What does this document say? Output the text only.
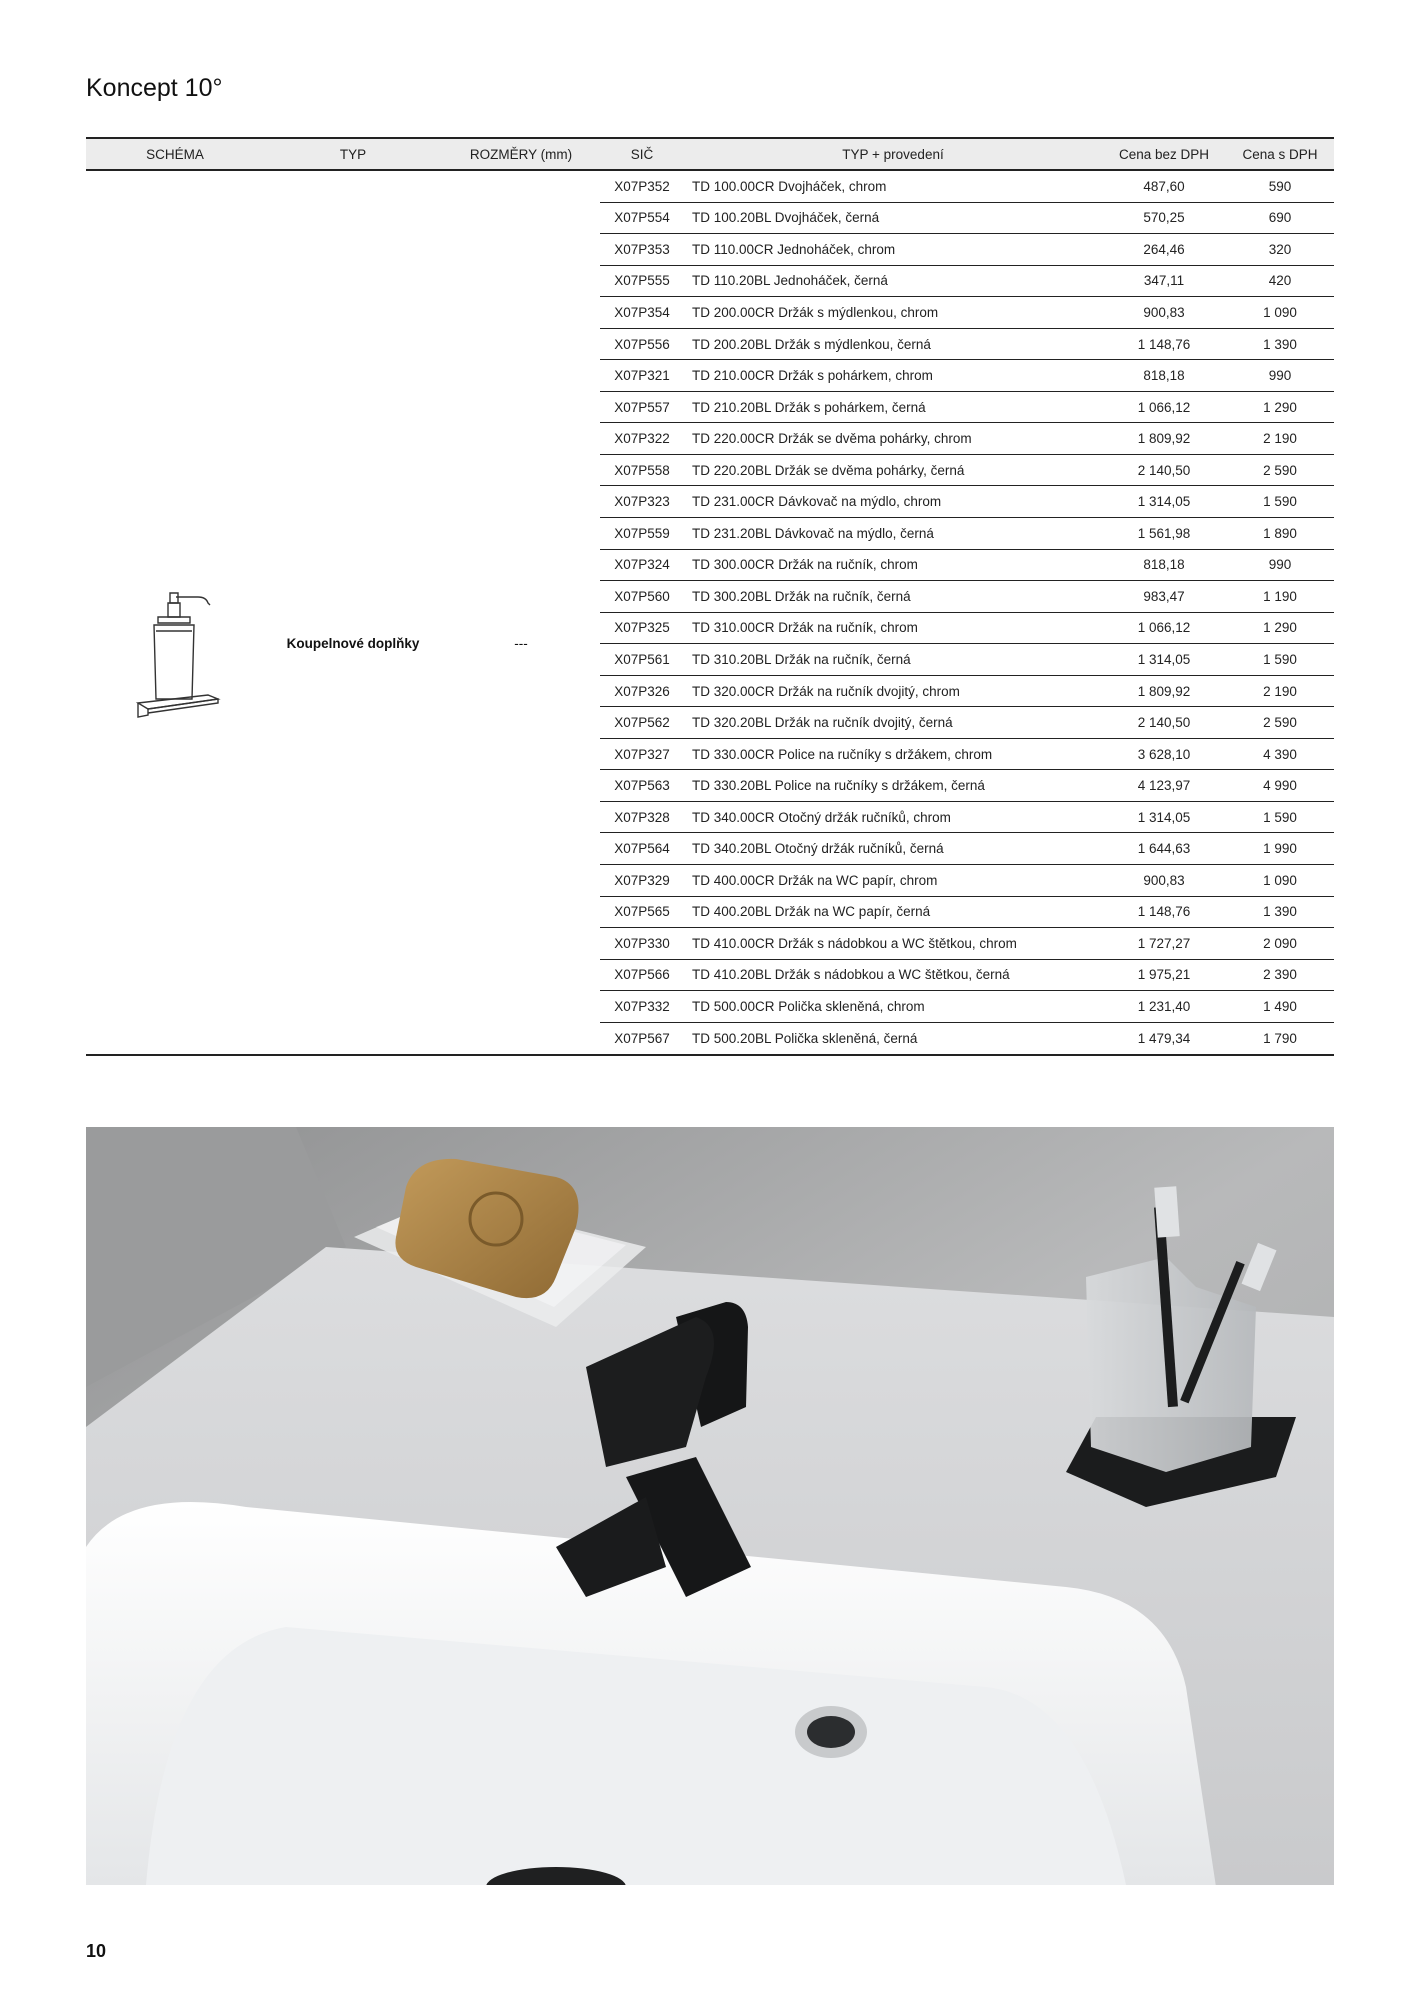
Koncept 10°
SCHÉMA	TYP	ROZMĚRY (mm)	SIČ	TYP + provedení	Cena bez DPH	Cena s DPH
Koupelnové doplňky	---
X07P352	TD 100.00CR Dvojháček, chrom	487,60	590
X07P554	TD 100.20BL Dvojháček, černá	570,25	690
X07P353	TD 110.00CR Jednoháček, chrom	264,46	320
X07P555	TD 110.20BL Jednoháček, černá	347,11	420
X07P354	TD 200.00CR Držák s mýdlenkou, chrom	900,83	1 090
X07P556	TD 200.20BL Držák s mýdlenkou, černá	1 148,76	1 390
X07P321	TD 210.00CR Držák s pohárkem, chrom	818,18	990
X07P557	TD 210.20BL Držák s pohárkem, černá	1 066,12	1 290
X07P322	TD 220.00CR Držák se dvěma pohárky, chrom	1 809,92	2 190
X07P558	TD 220.20BL Držák se dvěma pohárky, černá	2 140,50	2 590
X07P323	TD 231.00CR Dávkovač na mýdlo, chrom	1 314,05	1 590
X07P559	TD 231.20BL Dávkovač na mýdlo, černá	1 561,98	1 890
X07P324	TD 300.00CR Držák na ručník, chrom	818,18	990
X07P560	TD 300.20BL Držák na ručník, černá	983,47	1 190
X07P325	TD 310.00CR Držák na ručník, chrom	1 066,12	1 290
X07P561	TD 310.20BL Držák na ručník, černá	1 314,05	1 590
X07P326	TD 320.00CR Držák na ručník dvojitý, chrom	1 809,92	2 190
X07P562	TD 320.20BL Držák na ručník dvojitý, černá	2 140,50	2 590
X07P327	TD 330.00CR Police na ručníky s držákem, chrom	3 628,10	4 390
X07P563	TD 330.20BL Police na ručníky s držákem, černá	4 123,97	4 990
X07P328	TD 340.00CR Otočný držák ručníků, chrom	1 314,05	1 590
X07P564	TD 340.20BL Otočný držák ručníků, černá	1 644,63	1 990
X07P329	TD 400.00CR Držák na WC papír, chrom	900,83	1 090
X07P565	TD 400.20BL Držák na WC papír, černá	1 148,76	1 390
X07P330	TD 410.00CR Držák s nádobkou a WC štětkou, chrom	1 727,27	2 090
X07P566	TD 410.20BL Držák s nádobkou a WC štětkou, černá	1 975,21	2 390
X07P332	TD 500.00CR Polička skleněná, chrom	1 231,40	1 490
X07P567	TD 500.20BL Polička skleněná, černá	1 479,34	1 790
10
